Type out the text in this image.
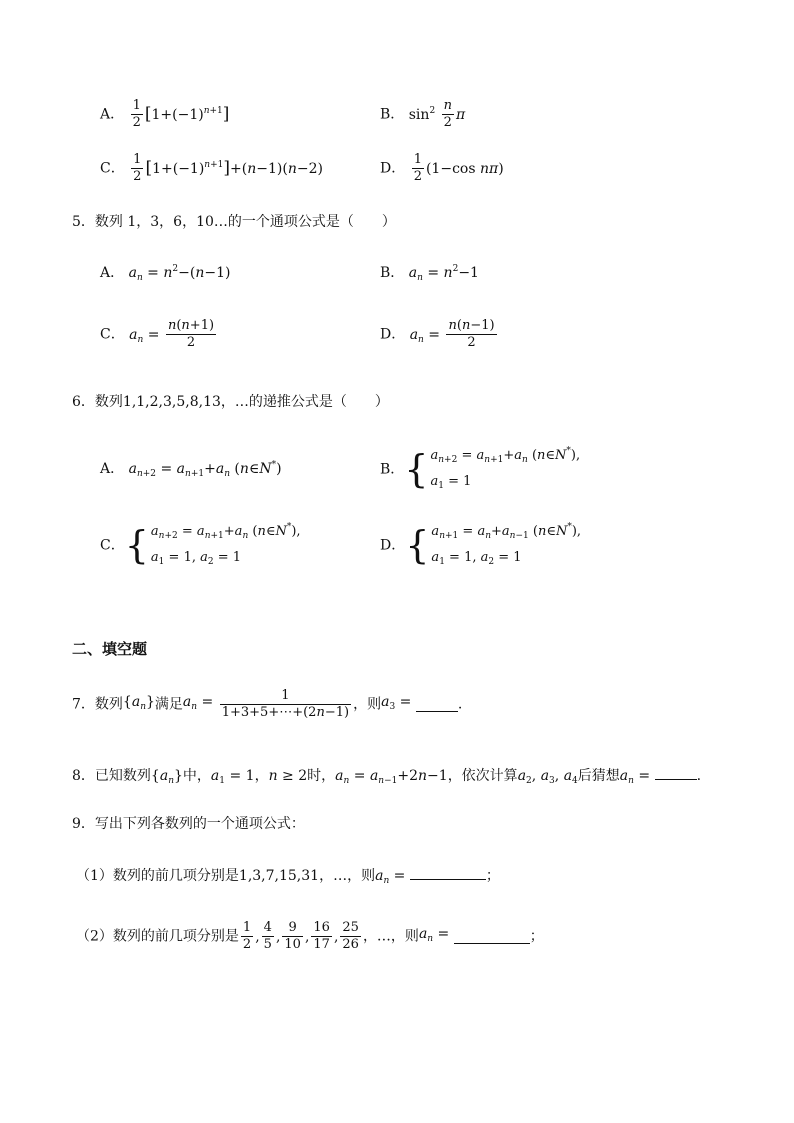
A． $\frac{1}{2} [1+(-1)^{n+1}]$	B． $\sin^2 \frac{n}{2}$ π
C． $\frac{1}{2} [1+(-1)^{n+1}]+(n-1)(n-2)$	D． $\frac{1}{2} (1-\cos$ nπ)
5．数列 1，3，6，10…的一个通项公式是（　　）
A． $a_n = n^2-(n-1)$	B． $a_n = n^2-1$
C． $a_n = \frac{n(n+1)}{2}$	D． $a_n = \frac{n(n-1)}{2}$
6．数列1,1,2,3,5,8,13，…的递推公式是（　　）
A． $a_{n+2} = a_{n+1}+a_n$ (n∈N*)	B．{ $a_{n+2} = a_{n+1}+a_n$ (n∈N*),
$a_1 = 1$
C．{ $a_{n+2} = a_{n+1}+a_n$ (n∈N*),
$a_1 = 1$, $a_2 = 1$
D．{ $a_{n+1} = a_n+a_{n-1}$ (n∈N*),
$a_1 = 1$, $a_2 = 1$
二、填空题
7．数列$\{a_n\}$满足$a_n = \frac{1}{1+3+5+\cdots+(2n-1)}$ ，则$a_3$ =	.
8．已知数列$\{a_n\}$中，$a_1 = 1$，n ≥ 2时，$a_n = a_{n-1}+2n-1$，依次计算$a_2$, $a_3$, $a_4$后猜想$a_n$ =	.
9．写出下列各数列的一个通项公式：
（1）数列的前几项分别是1,3,7,15,31，…，则$a_n$ =	；
（2）数列的前几项分别是 $\frac{1}{2}$ , $\frac{4}{5}$ , $\frac{9}{10}$ , $\frac{16}{17}$ , $\frac{25}{26}$ ，…，则$a_n$ =	；
